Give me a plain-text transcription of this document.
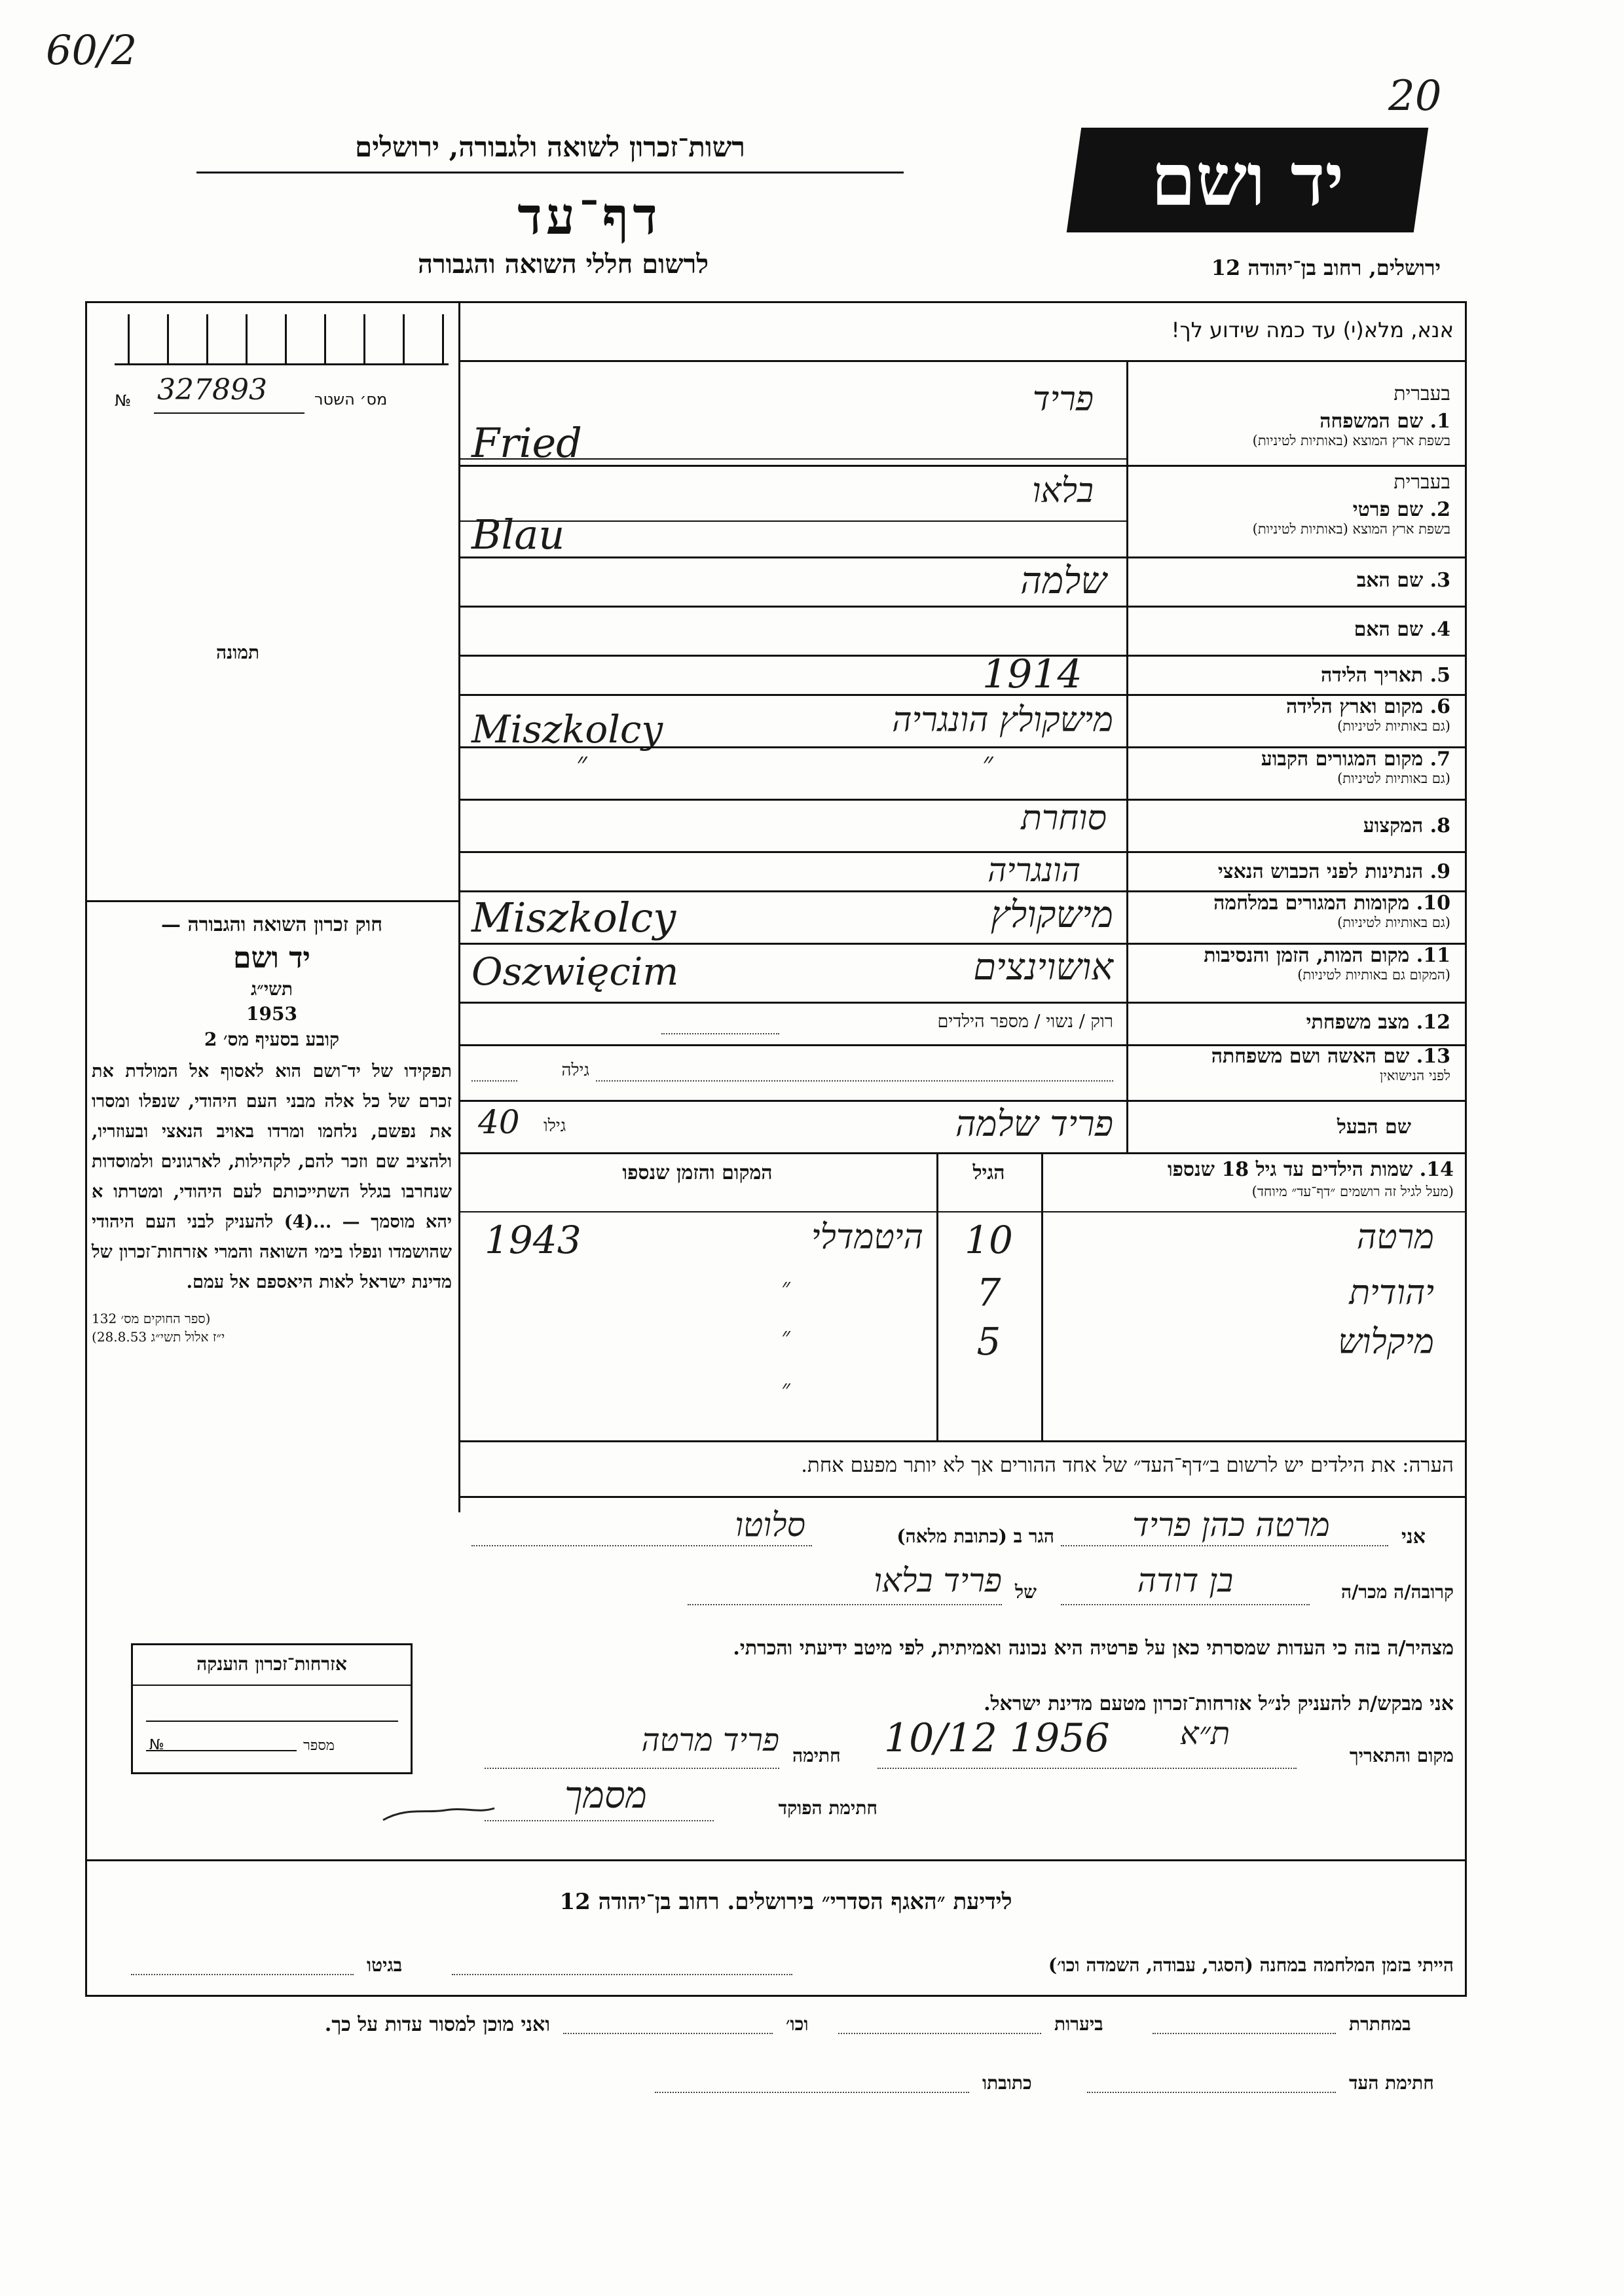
60/2
20
רשות־זכרון לשואה ולגבורה, ירושלים
דף־עד
לרשום חללי השואה והגבורה
יד ושם
ירושלים, רחוב בן־יהודה 12
אנא, מלא(י) עד כמה שידוע לך!
№ 327893	מס׳ השטר
תמונה
בעברית
1. שם המשפחה
בשפת ארץ המוצא (באותיות לטיניות)
פריד
Fried
בעברית
2. שם פרטי
בשפת ארץ המוצא (באותיות לטיניות)
בלאו
Blau
3. שם האב
שלמה
4. שם האם
5. תאריך הלידה
1914
6. מקום וארץ הלידה
(גם באותיות לטיניות)
מישקולץ הונגריה
Miszkolcy
7. מקום המגורים הקבוע
(גם באותיות לטיניות)
״	״
8. המקצוע
סוחרת
9. הנתינות לפני הכבוש הנאצי
הונגריה
10. מקומות המגורים במלחמה
(גם באותיות לטיניות)
מישקולץ
Miszkolcy
11. מקום המות, הזמן והנסיבות
(המקום גם באותיות לטיניות)
אושוינצים
Oszwięcim
12. מצב משפחתי
רוק / נשוי / מספר הילדים
13. שם האשה ושם משפחתה
לפני הנישואין
גילה
שם הבעל
פריד שלמה
40 גילו
14. שמות הילדים עד גיל 18 שנספו
(מעל לגיל זה רושמים ״דף־עד״ מיוחד)
הגיל
המקום והזמן שנספו
מרטה
10
היטמדלי
1943
יהודית
7
״
מיקלוש
5
״
״
הערה: את הילדים יש לרשום ב״דף־העד״ של אחד ההורים אך לא יותר מפעם אחת.
חוק זכרון השואה והגבורה —
יד ושם
תשי״ג
1953
קובע בסעיף מס׳ 2
תפקידו של יד־ושם הוא לאסוף אל המולדת את זכרם של כל אלה מבני העם היהודי, שנפלו ומסרו את נפשם, נלחמו ומרדו באויב הנאצי ובעוזריו, ולהציב שם וזכר להם, לקהילות, לארגונים ולמוסדות שנחרבו בגלל השתייכותם לעם היהודי, ומטרתו א יהא מוסמך — ...(4) להעניק לבני העם היהודי שהושמדו ונפלו בימי השואה והמרי אזרחות־זכרון של מדינת ישראל לאות היאספם אל עמם.
(ספר החוקים מס׳ 132
י״ז אלול תשי״ג 28.8.53)
אזרחות־זכרון הוענקה
מספר
№
אני
מרטה כהן פריד
הגר ב (כתובת מלאה)
סלוטו
קרובה/ה מכר/ה
בן דודה
של
פריד בלאו
מצהיר/ה בזה כי העדות שמסרתי כאן על פרטיה היא נכונה ואמיתית, לפי מיטב ידיעתי והכרתי.
אני מבקש/ת להעניק לנ״ל אזרחות־זכרון מטעם מדינת ישראל.
מקום והתאריך
ת״א
10/12 1956
חתימה
פריד מרטה
חתימת הפוקד
מסמך
לידיעת ״האגף הסדרי״ בירושלים. רחוב בן־יהודה 12
הייתי בזמן המלחמה במחנה (הסגר, עבודה, השמדה וכו׳)
בגיטו
במחתרת
ביערות
וכו׳
ואני מוכן למסור עדות על כך.
חתימת העד
כתובתו
